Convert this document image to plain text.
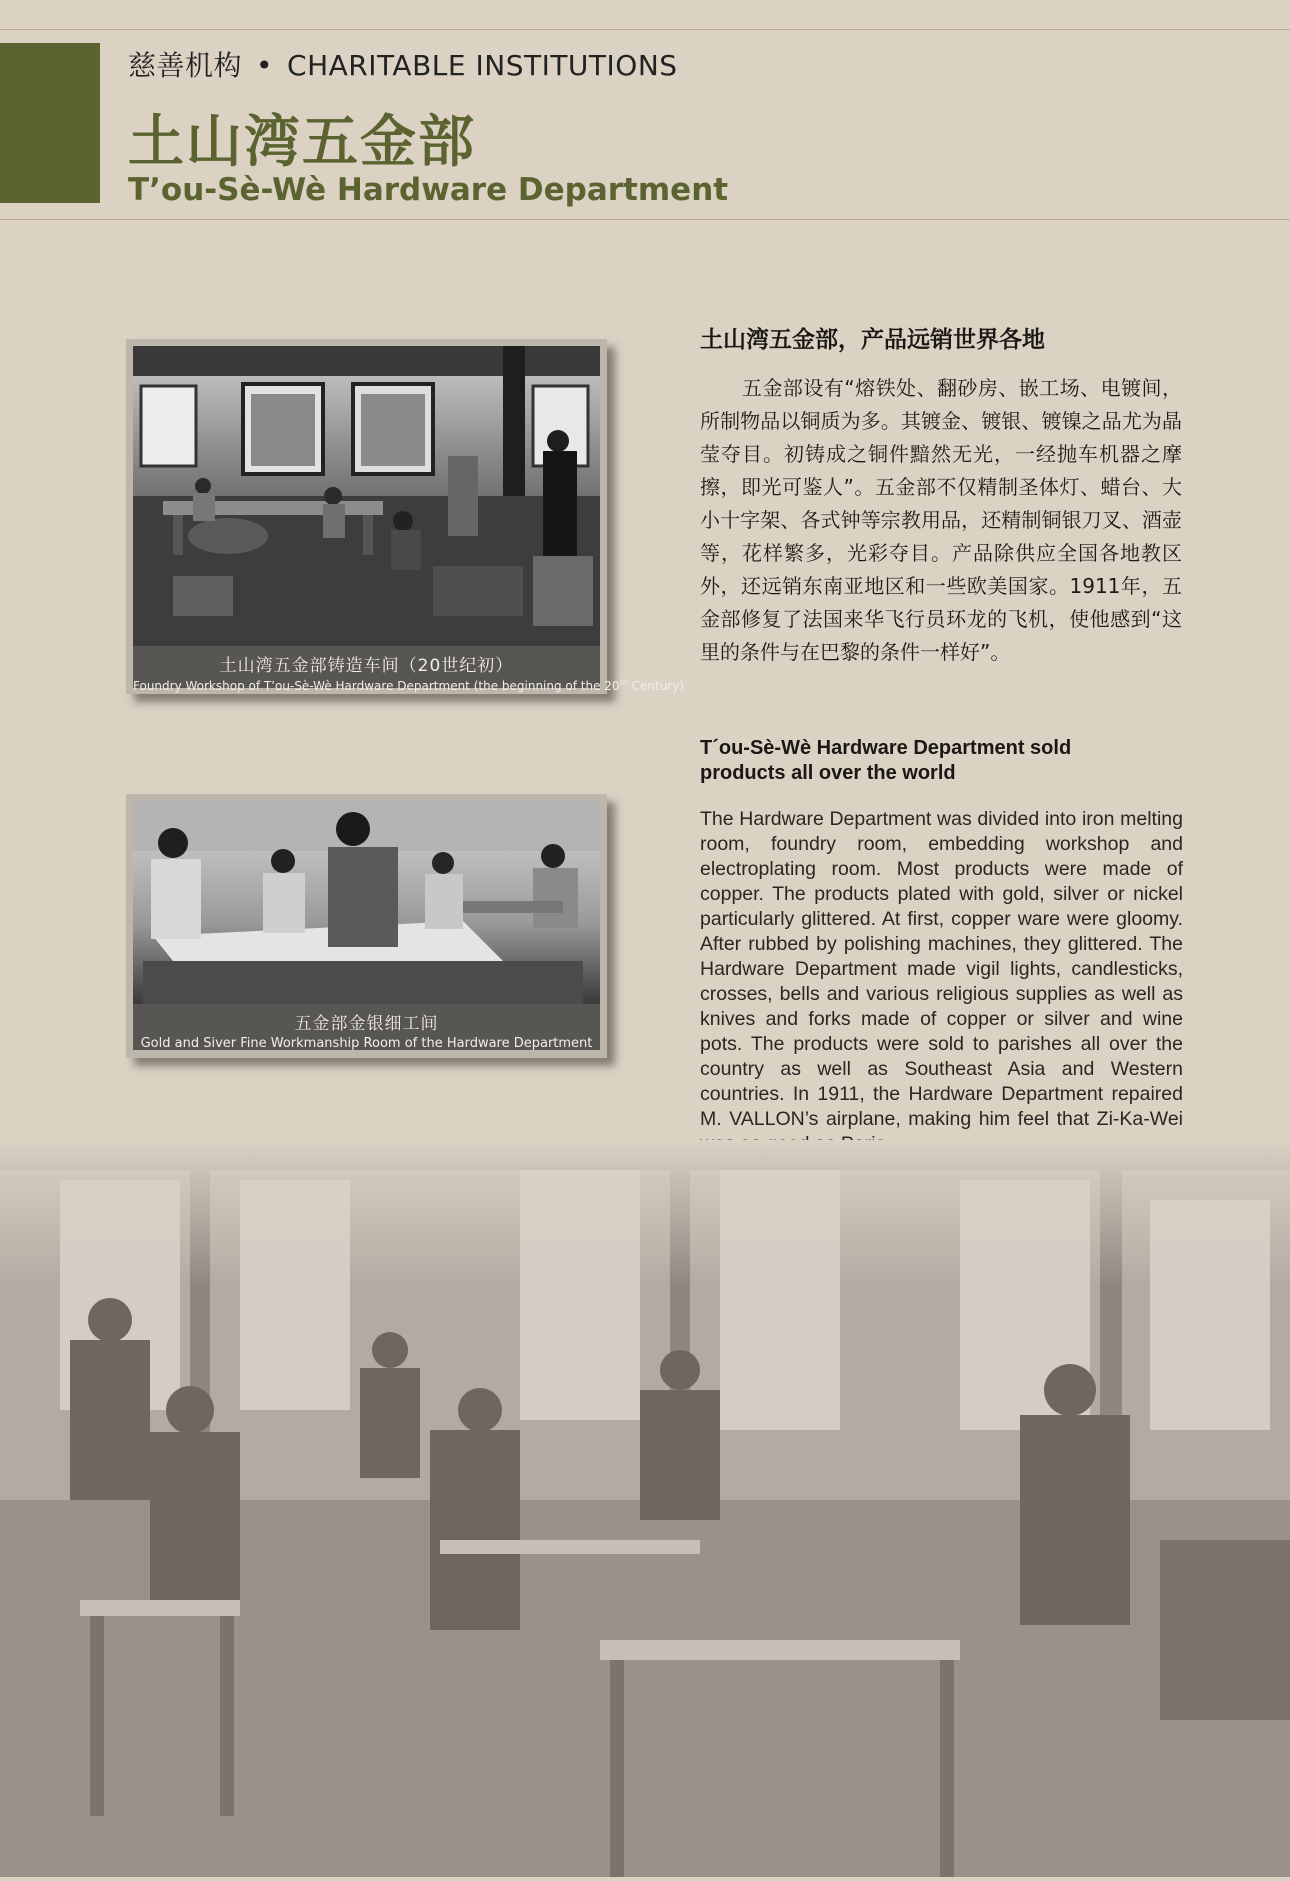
慈善机构 • CHARITABLE INSTITUTIONS
土山湾五金部
T’ou-Sè-Wè Hardware Department
土山湾五金部铸造车间（20世纪初）
Foundry Workshop of T’ou-Sè-Wè Hardware Department (the beginning of the 20th Century)
五金部金银细工间
Gold and Siver Fine Workmanship Room of the Hardware Department
土山湾五金部，产品远销世界各地
五金部设有“熔铁处、翻砂房、嵌工场、电镀间，所制物品以铜质为多。其镀金、镀银、镀镍之品尤为晶莹夺目。初铸成之铜件黯然无光，一经抛车机器之摩擦，即光可鉴人”。五金部不仅精制圣体灯、蜡台、大小十字架、各式钟等宗教用品，还精制铜银刀叉、酒壶等，花样繁多，光彩夺目。产品除供应全国各地教区外，还远销东南亚地区和一些欧美国家。1911年，五金部修复了法国来华飞行员环龙的飞机，使他感到“这里的条件与在巴黎的条件一样好”。
T´ou-Sè-Wè Hardware Department sold products all over the world
The Hardware Department was divided into iron melting room, foundry room, embedding workshop and electroplating room. Most products were made of copper. The products plated with gold, silver or nickel particularly glittered. At first, copper ware were gloomy. After rubbed by polishing machines, they glittered. The Hardware Department made vigil lights, candlesticks, crosses, bells and various religious supplies as well as knives and forks made of copper or silver and wine pots. The products were sold to parishes all over the country as well as Southeast Asia and Western countries. In 1911, the Hardware Department repaired M. VALLON’s airplane, making him feel that Zi-Ka-Wei
